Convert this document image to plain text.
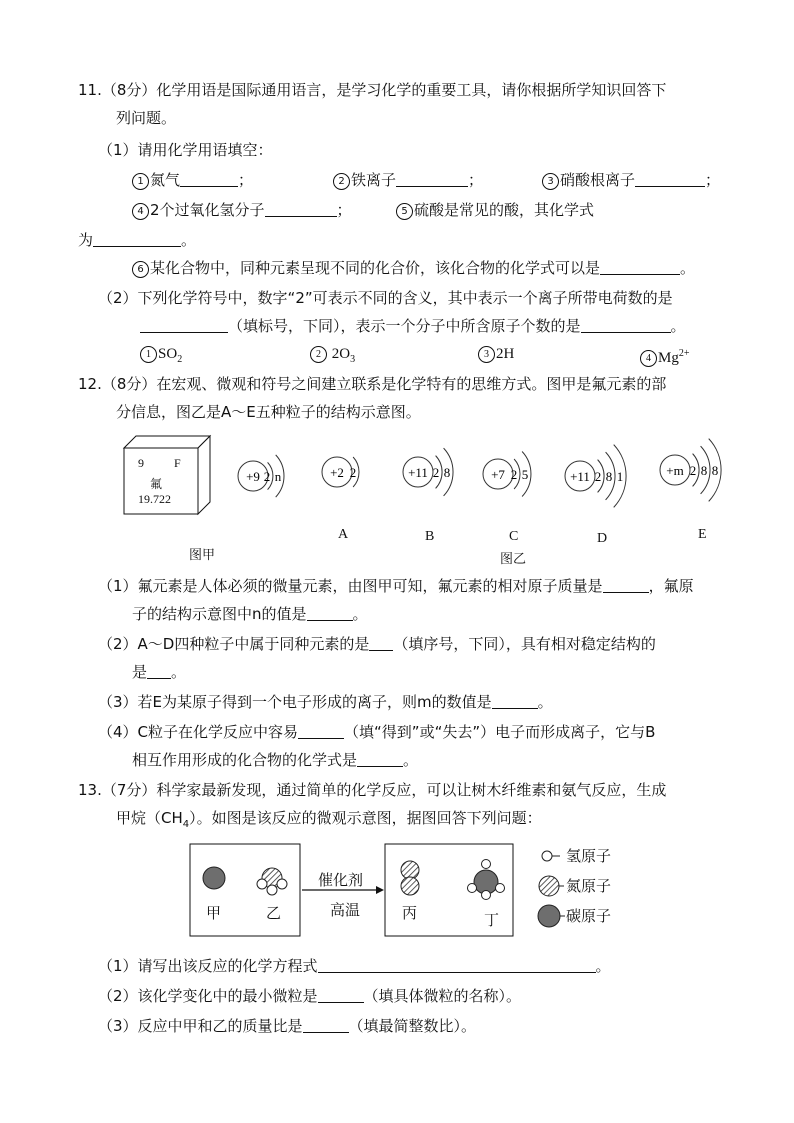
11.（8分）化学用语是国际通用语言，是学习化学的重要工具，请你根据所学知识回答下
列问题。
（1）请用化学用语填空：
1 氮气	；	2 铁离子	；	3 硝酸根离子	；
4 2个过氧化氢分子	；	5 硫酸是常见的酸，其化学式
为	。
6 某化合物中，同种元素呈现不同的化合价，该化合物的化学式可以是	。
（2）下列化学符号中，数字“2”可表示不同的含义，其中表示一个离子所带电荷数的是
（填标号，下同），表示一个分子中所含原子个数的是	。
1 $SO_2$	2 $2O_3$	3 2H	4 $Mg^{2+}$
12.（8分）在宏观、微观和符号之间建立联系是化学特有的思维方式。图甲是氟元素的部
分信息，图乙是A～E五种粒子的结构示意图。
9	F
氟
19.722
+9 2 n	+2 2	+11 2 8	+7 2 5	+11 2 8 1	+m 2 8 8
A	B	C	D	E
图甲	图乙
（1）氟元素是人体必须的微量元素，由图甲可知，氟元素的相对原子质量是	，氟原
子的结构示意图中n的值是	。
（2）A～D四种粒子中属于同种元素的是 （填序号，下同），具有相对稳定结构的
是 。
（3）若E为某原子得到一个电子形成的离子，则m的数值是	。
（4）C粒子在化学反应中容易	（填“得到”或“失去”）电子而形成离子，它与B
相互作用形成的化合物的化学式是	。
13.（7分）科学家最新发现，通过简单的化学反应，可以让树木纤维素和氨气反应，生成
甲烷$(CH_4)$。如图是该反应的微观示意图，据图回答下列问题：
催化剂
高温
甲	乙	丙	丁
氢原子
氮原子
碳原子
（1）请写出该反应的化学方程式	。
（2）该化学变化中的最小微粒是	（填具体微粒的名称）。
（3）反应中甲和乙的质量比是	（填最简整数比）。
